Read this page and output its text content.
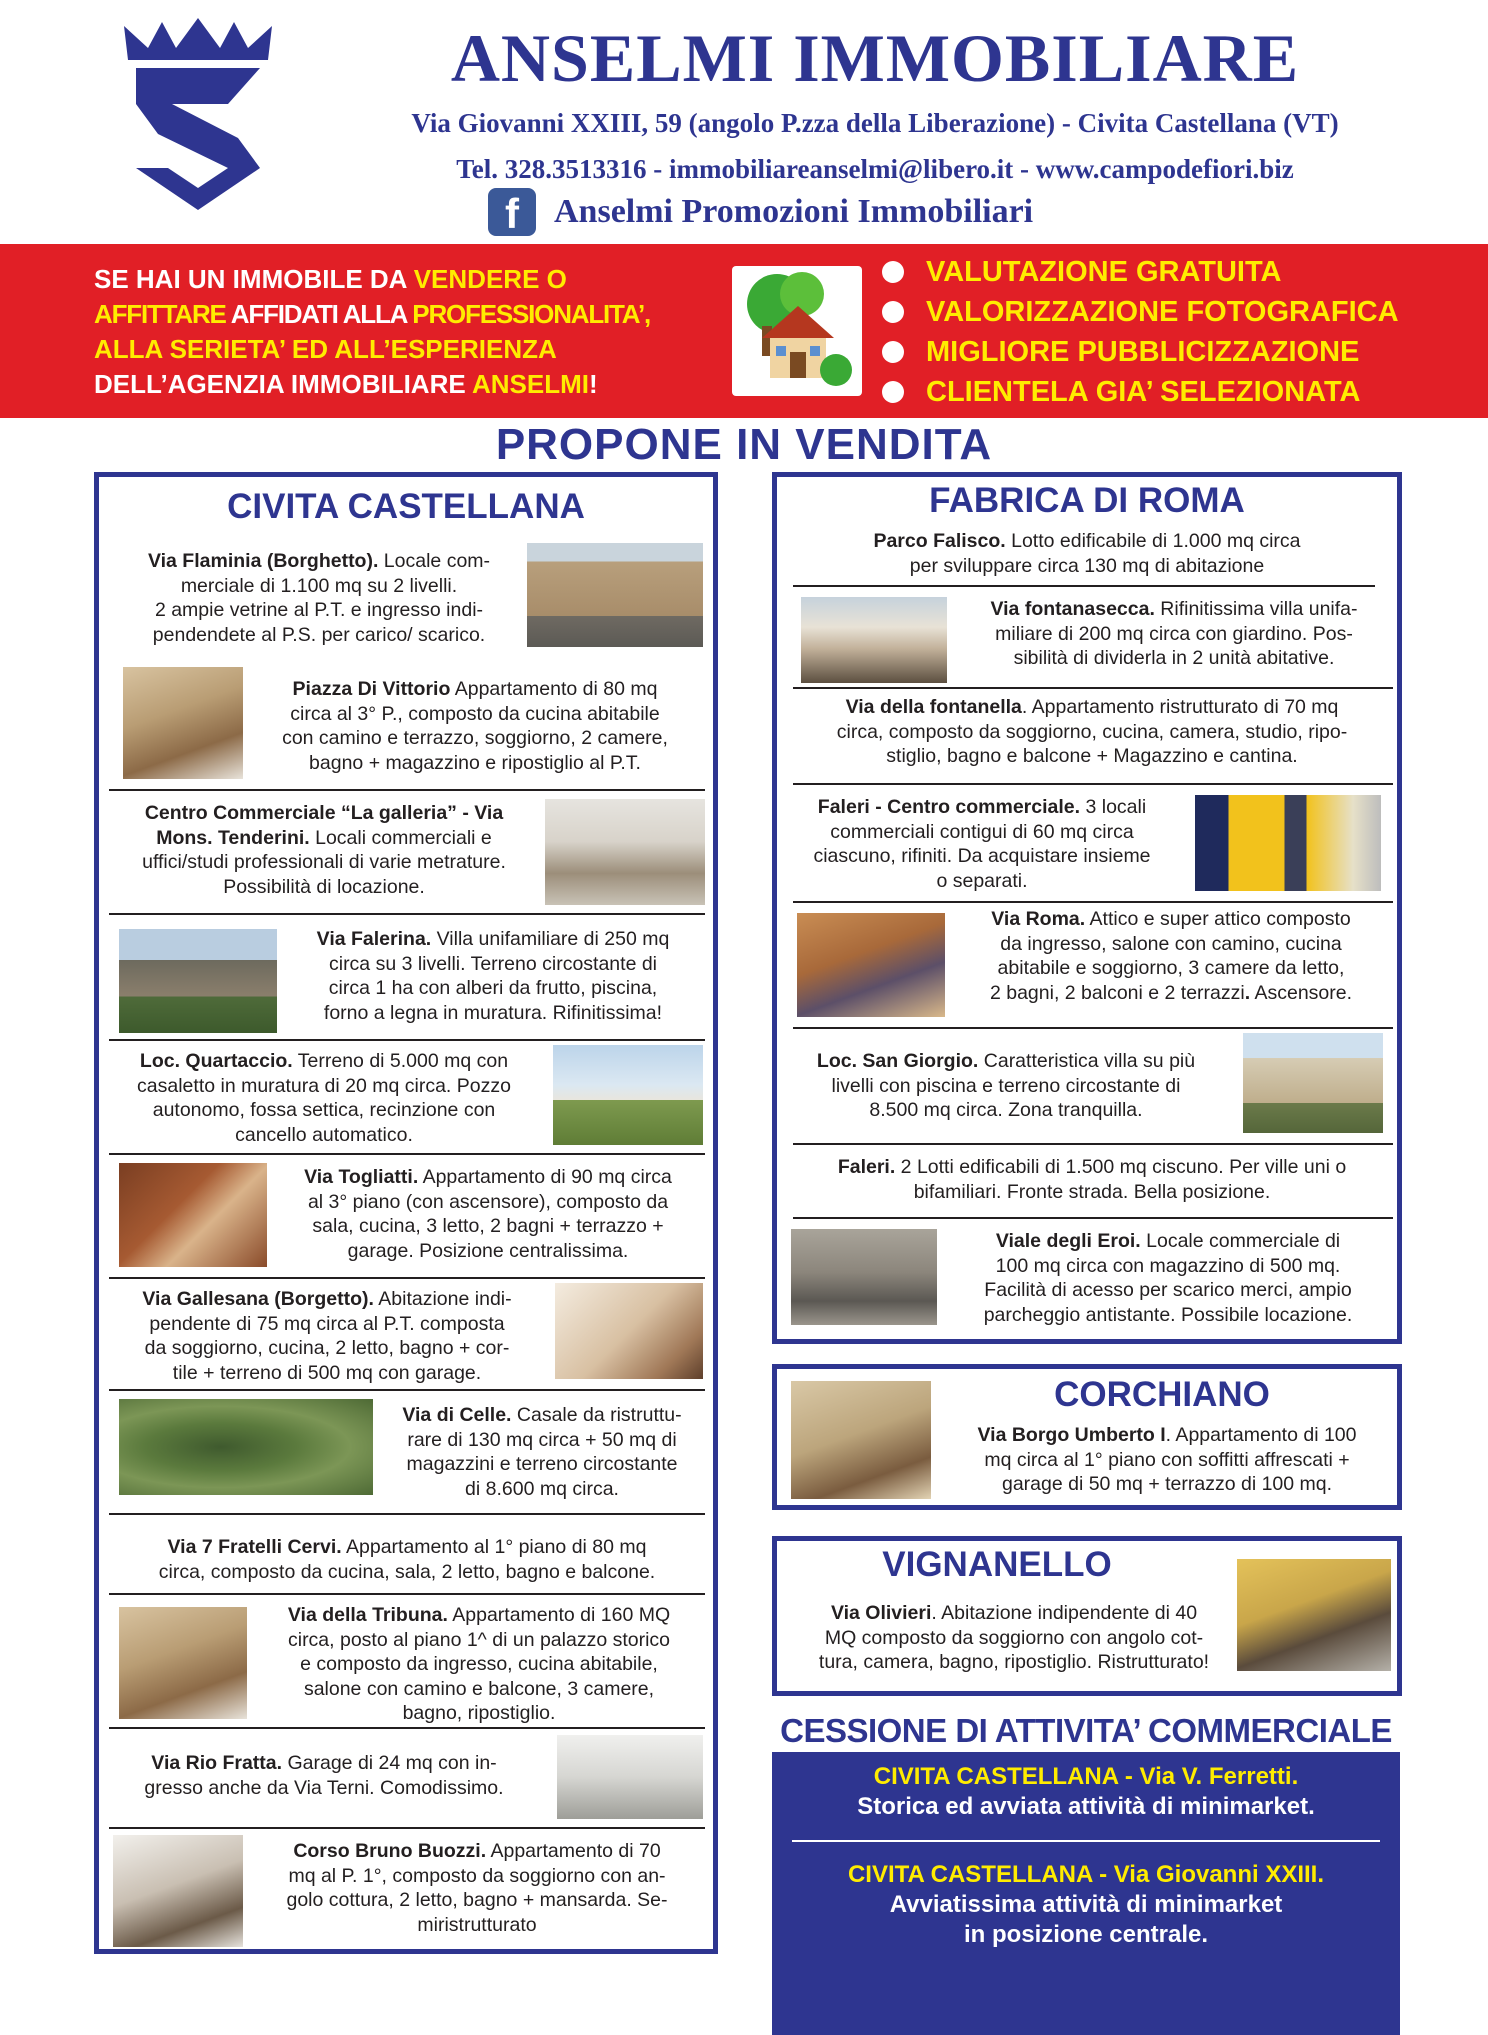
ANSELMI IMMOBILIARE
Via Giovanni XXIII, 59 (angolo P.zza della Liberazione) - Civita Castellana (VT)
Tel. 328.3513316 - immobiliareanselmi@libero.it - www.campodefiori.biz
f	Anselmi Promozioni Immobiliari
SE HAI UN IMMOBILE DA VENDERE O
AFFITTARE AFFIDATI ALLA PROFESSIONALITA’,
ALLA SERIETA’ ED ALL’ESPERIENZA
DELL’AGENZIA IMMOBILIARE ANSELMI!
VALUTAZIONE GRATUITA
VALORIZZAZIONE FOTOGRAFICA
MIGLIORE PUBBLICIZZAZIONE
CLIENTELA GIA’ SELEZIONATA
PROPONE IN VENDITA
CIVITA CASTELLANA
Via Flaminia (Borghetto). Locale com-
merciale di 1.100 mq su 2 livelli.
2 ampie vetrine al P.T. e ingresso indi-
pendendete al P.S. per carico/ scarico.
Piazza Di Vittorio Appartamento di 80 mq
circa al 3° P., composto da cucina abitabile
con camino e terrazzo, soggiorno, 2 camere,
bagno + magazzino e ripostiglio al P.T.
Centro Commerciale “La galleria” - Via
Mons. Tenderini. Locali commerciali e
uffici/studi professionali di varie metrature.
Possibilità di locazione.
Via Falerina. Villa unifamiliare di 250 mq
circa su 3 livelli. Terreno circostante di
circa 1 ha con alberi da frutto, piscina,
forno a legna in muratura. Rifinitissima!
Loc. Quartaccio. Terreno di 5.000 mq con
casaletto in muratura di 20 mq circa. Pozzo
autonomo, fossa settica, recinzione con
cancello automatico.
Via Togliatti. Appartamento di 90 mq circa
al 3° piano (con ascensore), composto da
sala, cucina, 3 letto, 2 bagni + terrazzo +
garage. Posizione centralissima.
Via Gallesana (Borgetto). Abitazione indi-
pendente di 75 mq circa al P.T. composta
da soggiorno, cucina, 2 letto, bagno + cor-
tile + terreno di 500 mq con garage.
Via di Celle. Casale da ristruttu-
rare di 130 mq circa + 50 mq di
magazzini e terreno circostante
di 8.600 mq circa.
Via 7 Fratelli Cervi. Appartamento al 1° piano di 80 mq
circa, composto da cucina, sala, 2 letto, bagno e balcone.
Via della Tribuna. Appartamento di 160 MQ
circa, posto al piano 1^ di un palazzo storico
e composto da ingresso, cucina abitabile,
salone con camino e balcone, 3 camere,
bagno, ripostiglio.
Via Rio Fratta. Garage di 24 mq con in-
gresso anche da Via Terni. Comodissimo.
Corso Bruno Buozzi. Appartamento di 70
mq al P. 1°, composto da soggiorno con an-
golo cottura, 2 letto, bagno + mansarda. Se-
miristrutturato
FABRICA DI ROMA
Parco Falisco. Lotto edificabile di 1.000 mq circa
per sviluppare circa 130 mq di abitazione
Via fontanasecca. Rifinitissima villa unifa-
miliare di 200 mq circa con giardino. Pos-
sibilità di dividerla in 2 unità abitative.
Via della fontanella. Appartamento ristrutturato di 70 mq
circa, composto da soggiorno, cucina, camera, studio, ripo-
stiglio, bagno e balcone + Magazzino e cantina.
Faleri - Centro commerciale. 3 locali
commerciali contigui di 60 mq circa
ciascuno, rifiniti. Da acquistare insieme
o separati.
Via Roma. Attico e super attico composto
da ingresso, salone con camino, cucina
abitabile e soggiorno, 3 camere da letto,
2 bagni, 2 balconi e 2 terrazzi. Ascensore.
Loc. San Giorgio. Caratteristica villa su più
livelli con piscina e terreno circostante di
8.500 mq circa. Zona tranquilla.
Faleri. 2 Lotti edificabili di 1.500 mq ciscuno. Per ville uni o
bifamiliari. Fronte strada. Bella posizione.
Viale degli Eroi. Locale commerciale di
100 mq circa con magazzino di 500 mq.
Facilità di acesso per scarico merci, ampio
parcheggio antistante. Possibile locazione.
CORCHIANO
Via Borgo Umberto I. Appartamento di 100
mq circa al 1° piano con soffitti affrescati +
garage di 50 mq + terrazzo di 100 mq.
VIGNANELLO
Via Olivieri. Abitazione indipendente di 40
MQ composto da soggiorno con angolo cot-
tura, camera, bagno, ripostiglio. Ristrutturato!
CESSIONE DI ATTIVITA’ COMMERCIALE
CIVITA CASTELLANA - Via V. Ferretti.
Storica ed avviata attività di minimarket.
CIVITA CASTELLANA - Via Giovanni XXIII.
Avviatissima attività di minimarket
in posizione centrale.
